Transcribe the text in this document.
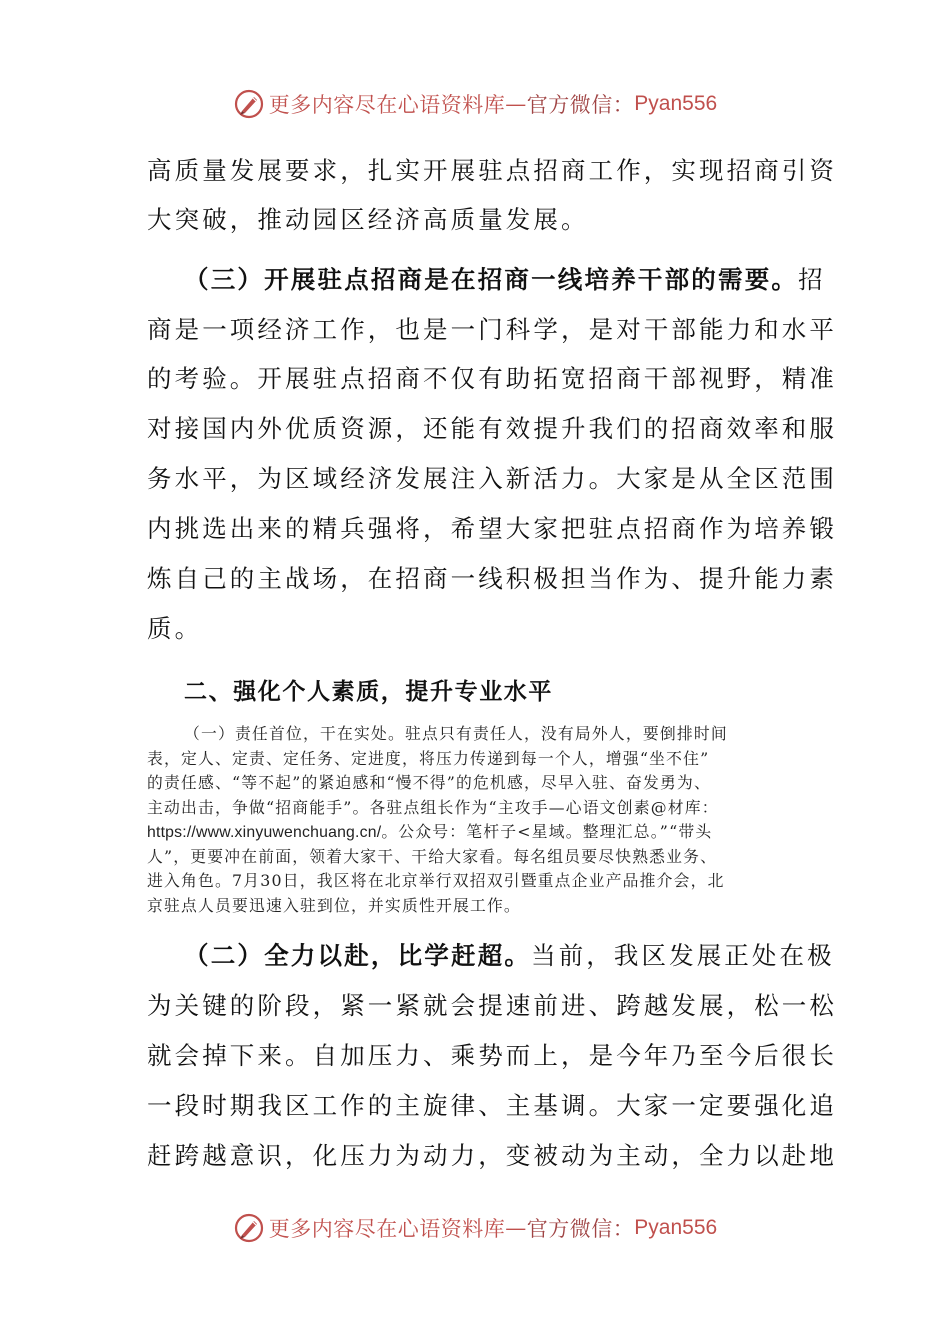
更多内容尽在心语资料库 — 官方微信： Pyan556
高质量发展要求，扎实开展驻点招商工作，实现招商引资
大突破，推动园区经济高质量发展。
（三）开展驻点招商是在招商一线培养干部的需要。招
商是一项经济工作，也是一门科学，是对干部能力和水平
的考验。开展驻点招商不仅有助拓宽招商干部视野，精准
对接国内外优质资源，还能有效提升我们的招商效率和服
务水平，为区域经济发展注入新活力。大家是从全区范围
内挑选出来的精兵强将，希望大家把驻点招商作为培养锻
炼自己的主战场，在招商一线积极担当作为、提升能力素
质。
二、强化个人素质，提升专业水平
（一）责任首位，干在实处。驻点只有责任人，没有局外人，要倒排时间
表，定人、定责、定任务、定进度，将压力传递到每一个人，增强“坐不住”
的责任感、“等不起”的紧迫感和“慢不得”的危机感，尽早入驻、奋发勇为、
主动出击，争做“招商能手”。各驻点组长作为“主攻手—心语文创素@材库：
https://www.xinyuwenchuang.cn/。公众号：笔杆子<星域。整理汇总。”“带头
人”，更要冲在前面，领着大家干、干给大家看。每名组员要尽快熟悉业务、
进入角色。7月30日，我区将在北京举行双招双引暨重点企业产品推介会，北
京驻点人员要迅速入驻到位，并实质性开展工作。
（二）全力以赴，比学赶超。当前，我区发展正处在极
为关键的阶段，紧一紧就会提速前进、跨越发展，松一松
就会掉下来。自加压力、乘势而上，是今年乃至今后很长
一段时期我区工作的主旋律、主基调。大家一定要强化追
赶跨越意识，化压力为动力，变被动为主动，全力以赴地
更多内容尽在心语资料库 — 官方微信： Pyan556
